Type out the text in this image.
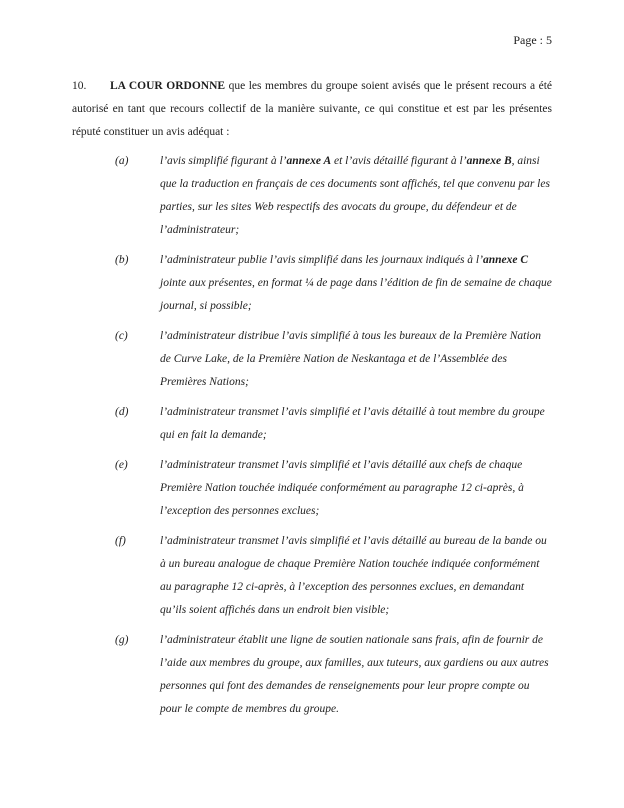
Page : 5

10. LA COUR ORDONNE que les membres du groupe soient avisés que le présent recours a été autorisé en tant que recours collectif de la manière suivante, ce qui constitue et est par les présentes réputé constituer un avis adéquat :

(a)	l’avis simplifié figurant à l’annexe A et l’avis détaillé figurant à l’annexe B, ainsi que la traduction en français de ces documents sont affichés, tel que convenu par les parties, sur les sites Web respectifs des avocats du groupe, du défendeur et de l’administrateur;
(b)	l’administrateur publie l’avis simplifié dans les journaux indiqués à l’annexe C jointe aux présentes, en format ¼ de page dans l’édition de fin de semaine de chaque journal, si possible;
(c)	l’administrateur distribue l’avis simplifié à tous les bureaux de la Première Nation de Curve Lake, de la Première Nation de Neskantaga et de l’Assemblée des Premières Nations;
(d)	l’administrateur transmet l’avis simplifié et l’avis détaillé à tout membre du groupe qui en fait la demande;
(e)	l’administrateur transmet l’avis simplifié et l’avis détaillé aux chefs de chaque Première Nation touchée indiquée conformément au paragraphe 12 ci-après, à l’exception des personnes exclues;
(f)	l’administrateur transmet l’avis simplifié et l’avis détaillé au bureau de la bande ou à un bureau analogue de chaque Première Nation touchée indiquée conformément au paragraphe 12 ci-après, à l’exception des personnes exclues, en demandant qu’ils soient affichés dans un endroit bien visible;
(g)	l’administrateur établit une ligne de soutien nationale sans frais, afin de fournir de l’aide aux membres du groupe, aux familles, aux tuteurs, aux gardiens ou aux autres personnes qui font des demandes de renseignements pour leur propre compte ou pour le compte de membres du groupe.
